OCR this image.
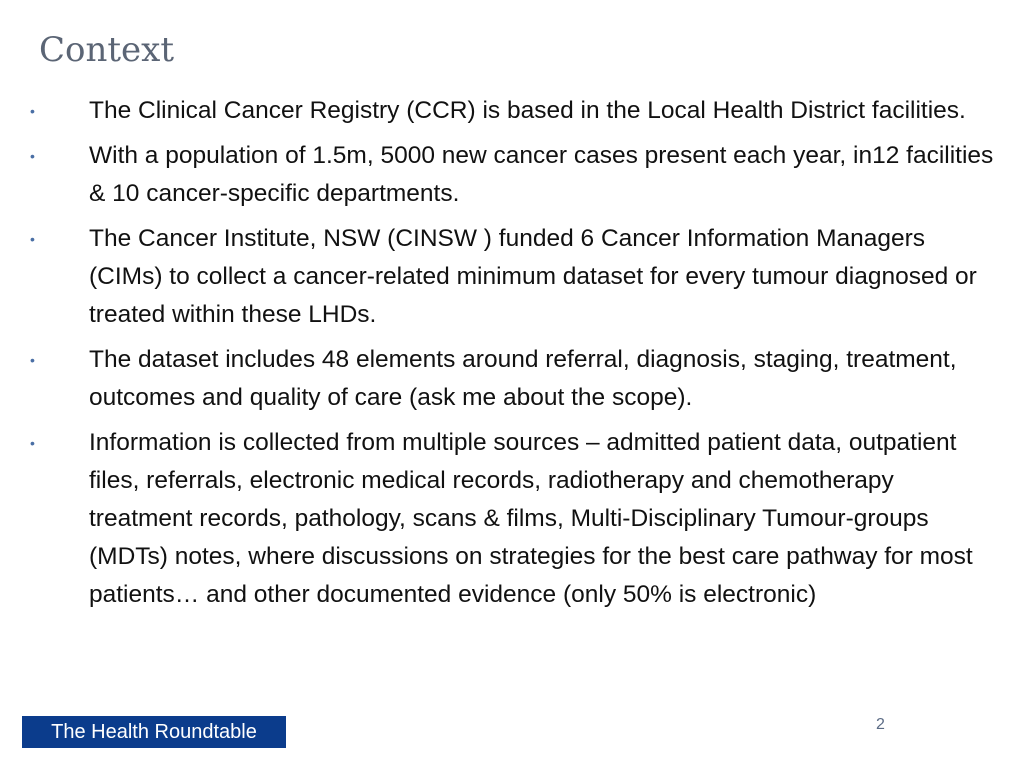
Context
• The Clinical Cancer Registry (CCR) is based in the Local Health District facilities.
• With a population of 1.5m, 5000 new cancer cases present each year, in12 facilities & 10 cancer-specific departments.
• The Cancer Institute, NSW (CINSW ) funded 6 Cancer Information Managers (CIMs) to collect a cancer-related minimum dataset for every tumour diagnosed or treated within these LHDs.
• The dataset includes 48 elements around referral, diagnosis, staging, treatment, outcomes and quality of care (ask me about the scope).
• Information is collected from multiple sources – admitted patient data, outpatient files, referrals, electronic medical records, radiotherapy and chemotherapy treatment records, pathology, scans & films, Multi-Disciplinary Tumour-groups (MDTs) notes, where discussions on strategies for the best care pathway for most patients… and other documented evidence (only 50% is electronic)
The Health Roundtable	2
